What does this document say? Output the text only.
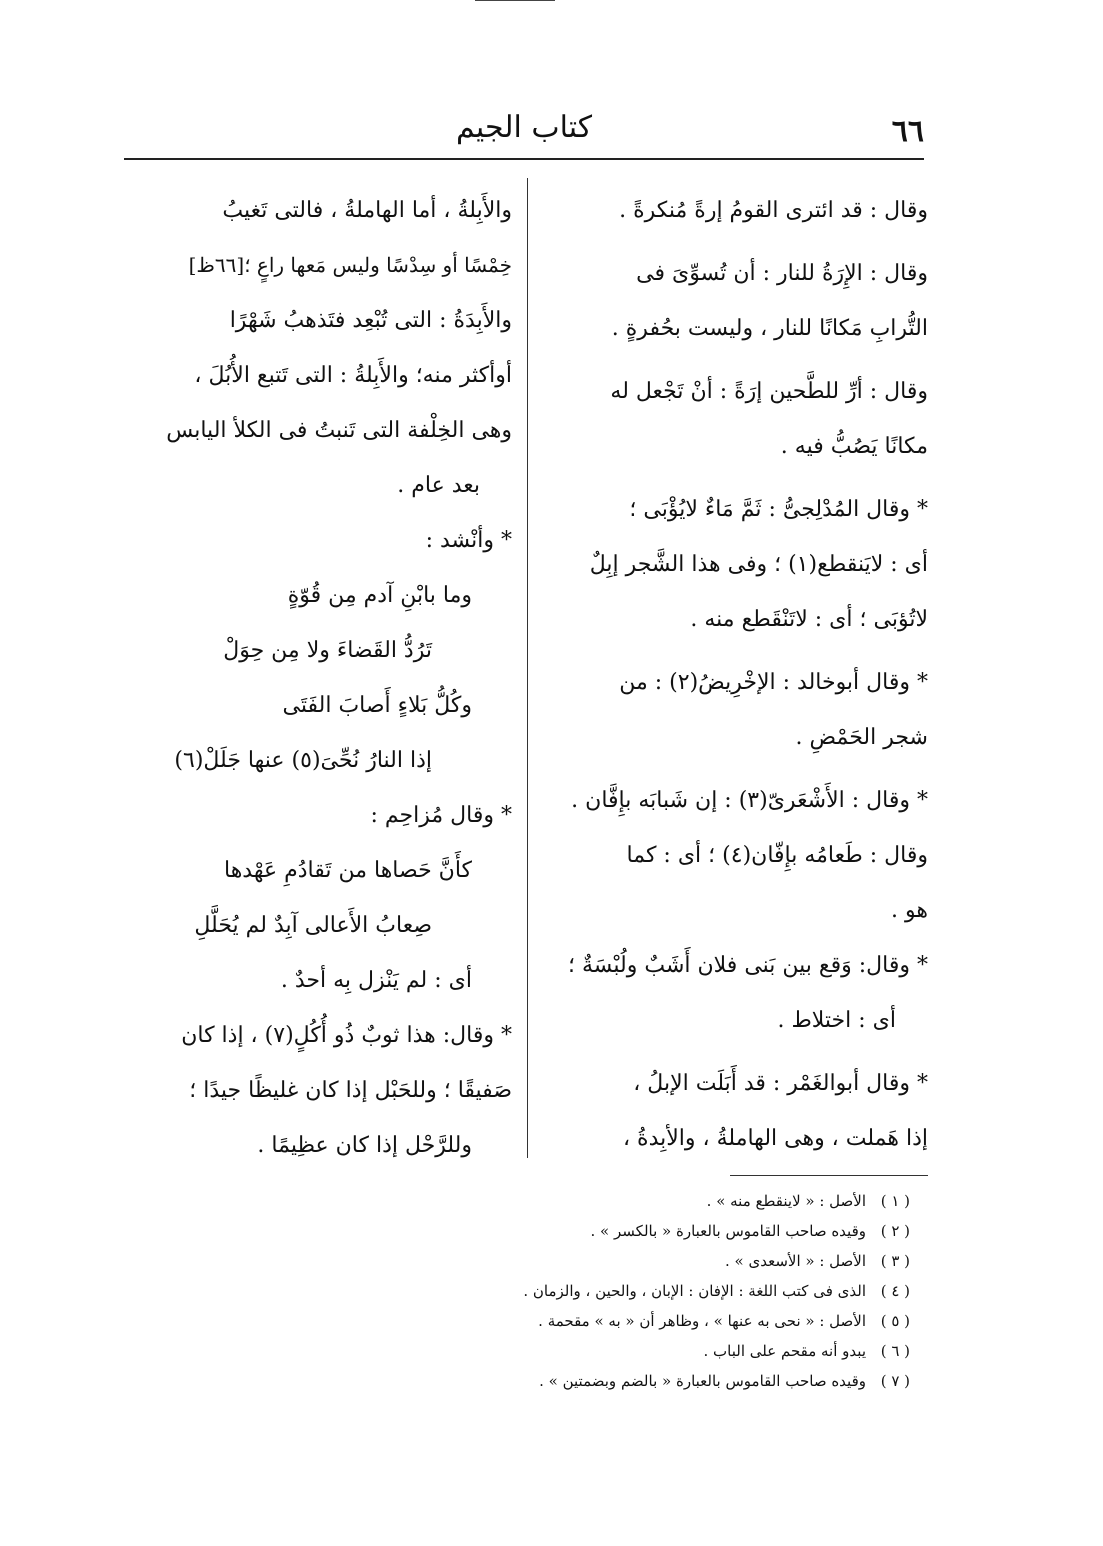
٦٦
كتاب الجيم
وقال : قد ائترى القومُ إرةً مُنكرةً .
وقال : الإِرَةُ للنار : أن تُسوِّىَ فى
التُّرابِ مَكانًا للنار ، وليست بحُفرةٍ .
وقال : أرِّ للطَّحين إرَةً : أنْ تَجْعل له
مكانًا يَصُبُّ فيه .
* وقال المُدْلِجىُّ : ثَمَّ مَاءٌ لايُؤْبَى ؛
أى : لايَنقطع(١) ؛ وفى هذا الشَّجر إبِلٌ
لاتُؤبَى ؛ أى : لاتَنْقَطع منه .
* وقال أبوخالد : الإخْرِيضُ(٢) : من
شجر الحَمْضِ .
* وقال : الأَشْعَرىّ(٣) : إن شَبابَه بإِفَّان .
وقال : طَعامُه بإِفّان(٤) ؛ أى : كما
هو .
* وقال: وَقع بين بَنى فلان أَشَبٌ ولُبْسَةٌ ؛
أى : اختلاط .
* وقال أبوالغَمْر : قد أَبَلَت الإبلُ ،
إذا هَملت ، وهى الهاملةُ ، والأبِدةُ ،
والأَبِلةُ ، أما الهاملةُ ، فالتى تَغيبُ
خِمْسًا أو سِدْسًا وليس مَعها راعٍ ؛[٦٦ظ]
والأَبِدَةُ : التى تُبْعِد فتَذهبُ شَهْرًا
أوأكثر منه؛ والأَبِلةُ : التى تَتبع الأُبُلَ ،
وهى الخِلْفة التى تَنبتُ فى الكلأ اليابس
بعد عام .
* وأنْشد :
وما بابْنِ آدم مِن قُوّةٍ
تَرُدُّ القَضاءَ ولا مِن حِوَلْ
وكُلُّ بَلاءٍ أَصابَ الفَتَى
إذا النارُ نُحِّىَ(٥) عنها جَلَلْ(٦)
* وقال مُزاحِم :
كأَنَّ حَصاها من تَقادُمِ عَهْدها
صِعابُ الأَعالى آبِدٌ لم يُحَلَّلِ
أى : لم يَنْزل بِه أحدٌ .
* وقال: هذا ثوبٌ ذُو أُكُلٍ(٧) ، إذا كان
صَفيقًا ؛ وللحَبْل إذا كان غليظًا جيدًا ؛
وللرَّحْل إذا كان عظِيمًا .
( ١ )الأصل : « لاينقطع منه » .
( ٢ )وقيده صاحب القاموس بالعبارة « بالكسر » .
( ٣ )الأصل : « الأسعدى » .
( ٤ )الذى فى كتب اللغة : الإفان : الإبان ، والحين ، والزمان .
( ٥ )الأصل : « نحى به عنها » ، وظاهر أن « به » مقحمة .
( ٦ )يبدو أنه مقحم على الباب .
( ٧ )وقيده صاحب القاموس بالعبارة « بالضم وبضمتين » .
